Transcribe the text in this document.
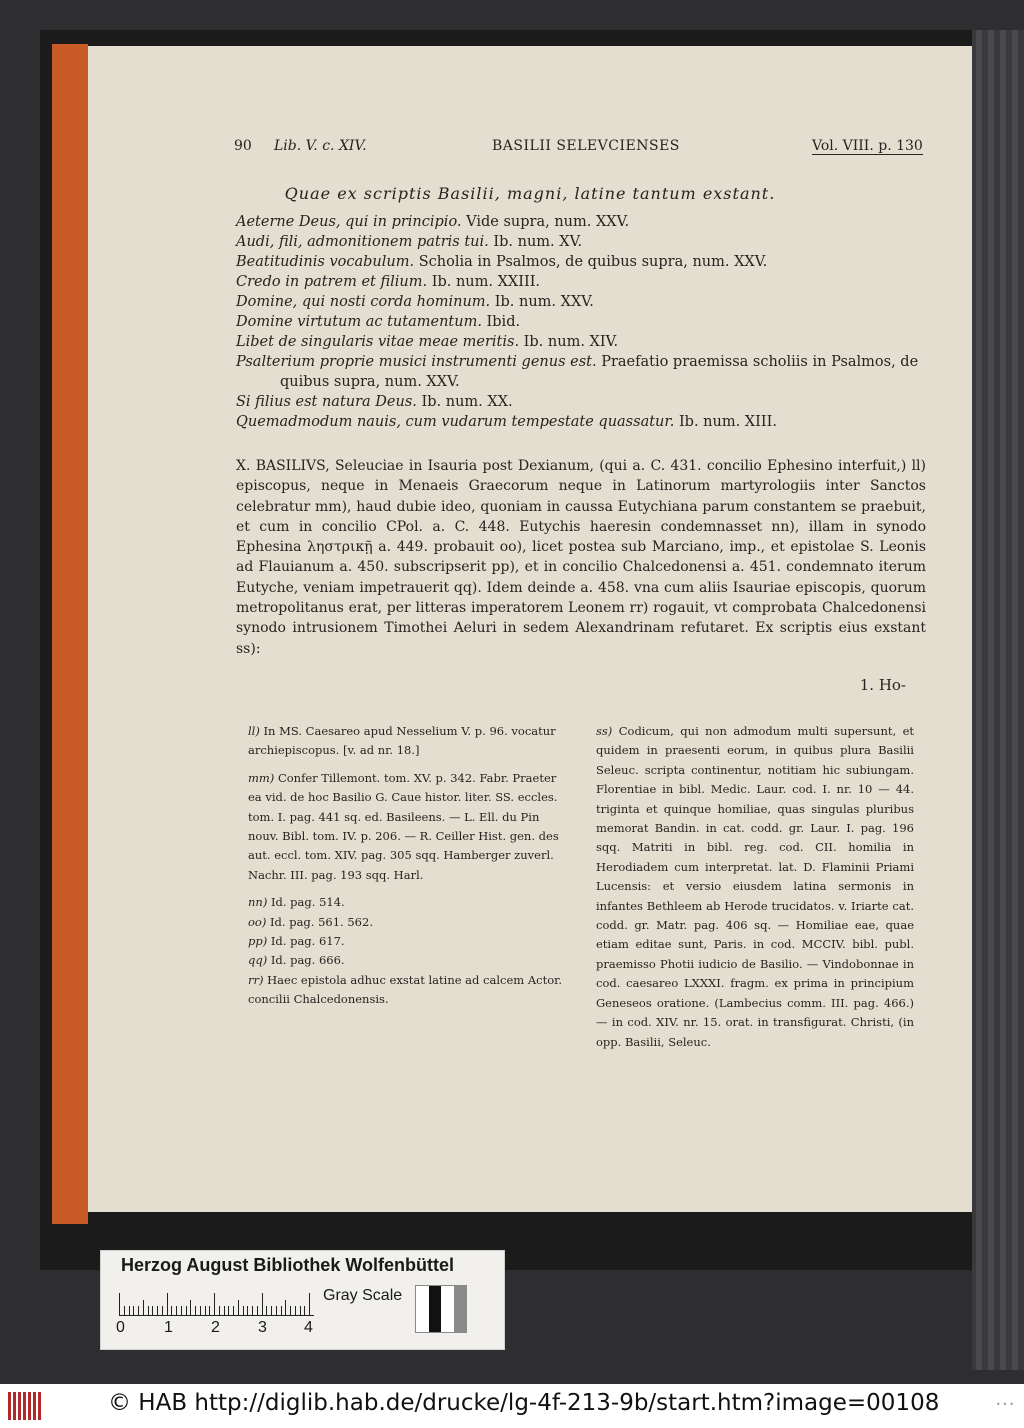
90 Lib. V. c. XIV.	BASILII SELEVCIENSES	Vol. VIII. p. 130
Quae ex scriptis Basilii, magni, latine tantum exstant.
Aeterne Deus, qui in principio. Vide supra, num. XXV.
Audi, fili, admonitionem patris tui. Ib. num. XV.
Beatitudinis vocabulum. Scholia in Psalmos, de quibus supra, num. XXV.
Credo in patrem et filium. Ib. num. XXIII.
Domine, qui nosti corda hominum. Ib. num. XXV.
Domine virtutum ac tutamentum. Ibid.
Libet de singularis vitae meae meritis. Ib. num. XIV.
Psalterium proprie musici instrumenti genus est. Praefatio praemissa scholiis in Psalmos, de
quibus supra, num. XXV.
Si filius est natura Deus. Ib. num. XX.
Quemadmodum nauis, cum vudarum tempestate quassatur. Ib. num. XIII.
X. BASILIVS, Seleuciae in Isauria post Dexianum, (qui a. C. 431. concilio Ephesino interfuit,) ll) episcopus, neque in Menaeis Graecorum neque in Latinorum martyrologiis inter Sanctos celebratur mm), haud dubie ideo, quoniam in caussa Eutychiana parum constantem se praebuit, et cum in concilio CPol. a. C. 448. Eutychis haeresin condemnasset nn), illam in synodo Ephesina ληστρικῇ a. 449. probauit oo), licet postea sub Marciano, imp., et epistolae S. Leonis ad Flauianum a. 450. subscripserit pp), et in concilio Chalcedonensi a. 451. condemnato iterum Eutyche, veniam impetrauerit qq). Idem deinde a. 458. vna cum aliis Isauriae episcopis, quorum metropolitanus erat, per litteras imperatorem Leonem rr) rogauit, vt comprobata Chalcedonensi synodo intrusionem Timothei Aeluri in sedem Alexandrinam refutaret. Ex scriptis eius exstant ss):
1. Ho-

ll) In MS. Caesareo apud Nesselium V. p. 96. vocatur archiepiscopus. [v. ad nr. 18.]

mm) Confer Tillemont. tom. XV. p. 342. Fabr. Praeter ea vid. de hoc Basilio G. Caue histor. liter. SS. eccles. tom. I. pag. 441 sq. ed. Basileens. — L. Ell. du Pin nouv. Bibl. tom. IV. p. 206. — R. Ceiller Hist. gen. des aut. eccl. tom. XIV. pag. 305 sqq. Hamberger zuverl. Nachr. III. pag. 193 sqq. Harl.

nn) Id. pag. 514.

oo) Id. pag. 561. 562.

pp) Id. pag. 617.

qq) Id. pag. 666.

rr) Haec epistola adhuc exstat latine ad calcem Actor. concilii Chalcedonensis.

ss) Codicum, qui non admodum multi supersunt, et quidem in praesenti eorum, in quibus plura Basilii Seleuc. scripta continentur, notitiam hic subiungam. Florentiae in bibl. Medic. Laur. cod. I. nr. 10 — 44. triginta et quinque homiliae, quas singulas pluribus memorat Bandin. in cat. codd. gr. Laur. I. pag. 196 sqq. Matriti in bibl. reg. cod. CII. homilia in Herodiadem cum interpretat. lat. D. Flaminii Priami Lucensis: et versio eiusdem latina sermonis in infantes Bethleem ab Herode trucidatos. v. Iriarte cat. codd. gr. Matr. pag. 406 sq. — Homiliae eae, quae etiam editae sunt, Paris. in cod. MCCIV. bibl. publ. praemisso Photii iudicio de Basilio. — Vindobonnae in cod. caesareo LXXXI. fragm. ex prima in principium Geneseos oratione. (Lambecius comm. III. pag. 466.) — in cod. XIV. nr. 15. orat. in transfigurat. Christi, (in opp. Basilii, Seleuc.

Herzog August Bibliothek Wolfenbüttel
0 1 2 3 4
Gray Scale
© HAB http://diglib.hab.de/drucke/lg-4f-213-9b/start.htm?image=00108	•••
